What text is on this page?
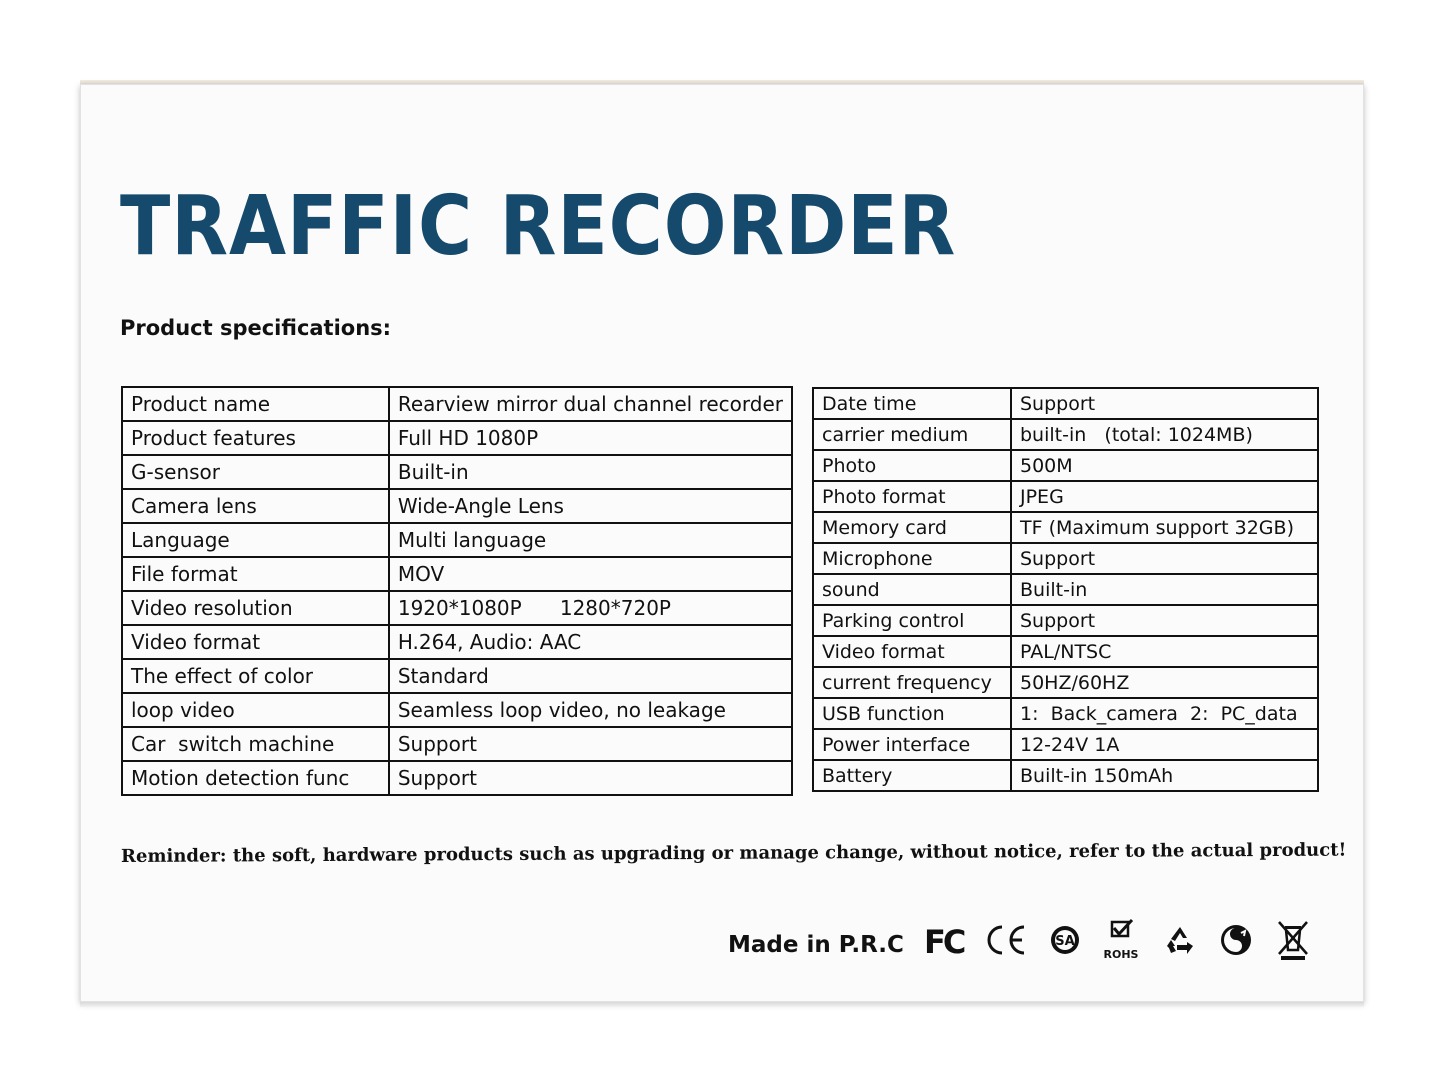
TRAFFIC RECORDER
Product specifications:
Product name	Rearview mirror dual channel recorder
Product features	Full HD 1080P
G-sensor	Built-in
Camera lens	Wide-Angle Lens
Language	Multi language
File format	MOV
Video resolution	1920*1080P      1280*720P
Video format	H.264, Audio: AAC
The effect of color	Standard
loop video	Seamless loop video, no leakage
Car  switch machine	Support
Motion detection func	Support
Date time	Support
carrier medium	built-in   (total: 1024MB)
Photo	500M
Photo format	JPEG
Memory card	TF (Maximum support 32GB)
Microphone	Support
sound	Built-in
Parking control	Support
Video format	PAL/NTSC
current frequency	50HZ/60HZ
USB function	1:  Back_camera  2:  PC_data
Power interface	12-24V 1A
Battery	Built-in 150mAh
Reminder: the soft, hardware products such as upgrading or manage change, without notice, refer to the actual product!
Made in P.R.C FC	SA
ROHS
